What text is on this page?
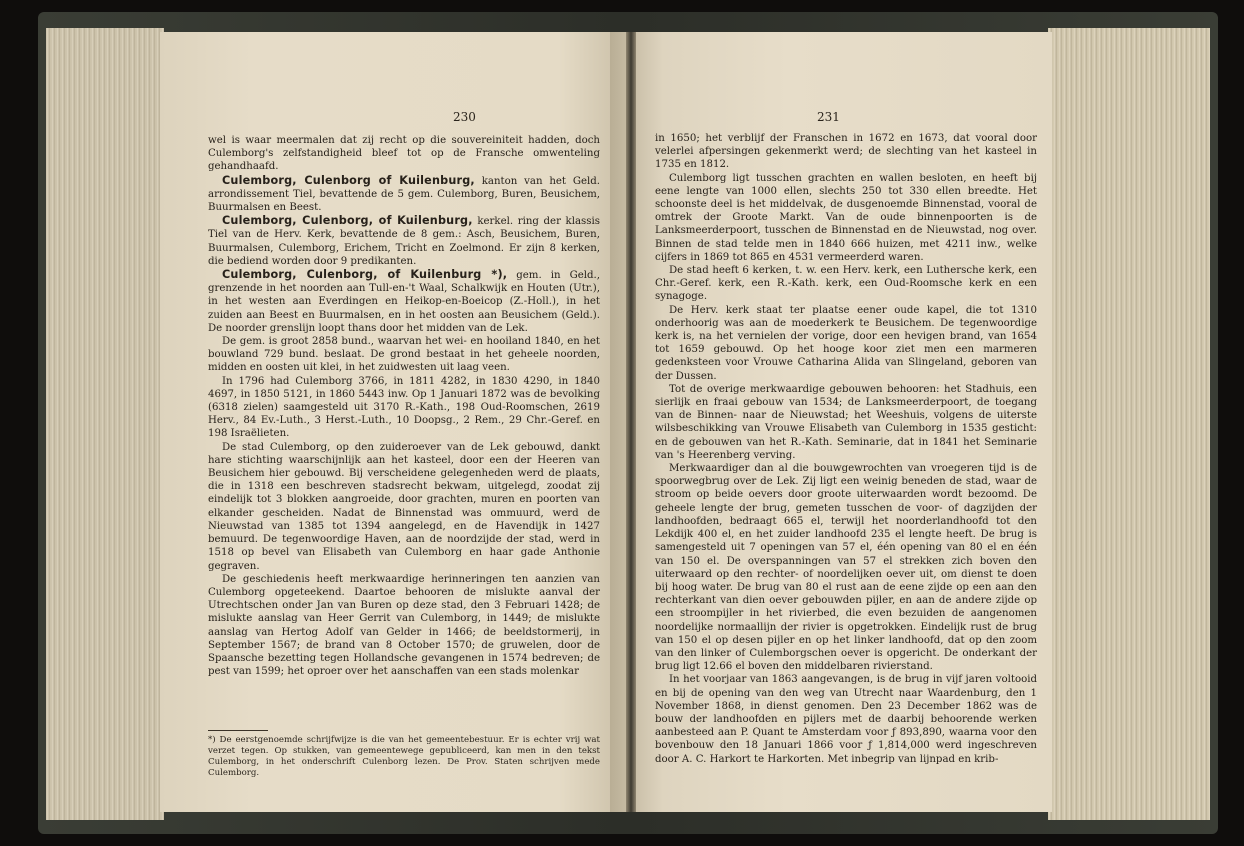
230

wel is waar meermalen dat zij recht op die souvereiniteit hadden, doch Culemborg's zelfstandigheid bleef tot op de Fransche omwenteling gehandhaafd.

Culemborg, Culenborg of Kuilenburg, kanton van het Geld. arrondissement Tiel, bevattende de 5 gem. Culemborg, Buren, Beusichem, Buurmalsen en Beest.

Culemborg, Culenborg, of Kuilenburg, kerkel. ring der klassis Tiel van de Herv. Kerk, bevattende de 8 gem.: Asch, Beusichem, Buren, Buurmalsen, Culemborg, Erichem, Tricht en Zoelmond. Er zijn 8 kerken, die bediend worden door 9 predikanten.

Culemborg, Culenborg, of Kuilenburg *), gem. in Geld., grenzende in het noorden aan Tull-en-'t Waal, Schalkwijk en Houten (Utr.), in het westen aan Everdingen en Heikop-en-Boeicop (Z.-Holl.), in het zuiden aan Beest en Buurmalsen, en in het oosten aan Beusichem (Geld.). De noorder grenslijn loopt thans door het midden van de Lek.

De gem. is groot 2858 bund., waarvan het wei- en hooiland 1840, en het bouwland 729 bund. beslaat. De grond bestaat in het geheele noorden, midden en oosten uit klei, in het zuidwesten uit laag veen.

In 1796 had Culemborg 3766, in 1811 4282, in 1830 4290, in 1840 4697, in 1850 5121, in 1860 5443 inw. Op 1 Januari 1872 was de bevolking (6318 zielen) saamgesteld uit 3170 R.-Kath., 198 Oud-Roomschen, 2619 Herv., 84 Ev.-Luth., 3 Herst.-Luth., 10 Doopsg., 2 Rem., 29 Chr.-Geref. en 198 Israëlieten.

De stad Culemborg, op den zuideroever van de Lek gebouwd, dankt hare stichting waarschijnlijk aan het kasteel, door een der Heeren van Beusichem hier gebouwd. Bij verscheidene gelegenheden werd de plaats, die in 1318 een beschreven stadsrecht bekwam, uitgelegd, zoodat zij eindelijk tot 3 blokken aangroeide, door grachten, muren en poorten van elkander gescheiden. Nadat de Binnenstad was ommuurd, werd de Nieuwstad van 1385 tot 1394 aangelegd, en de Havendijk in 1427 bemuurd. De tegenwoordige Haven, aan de noordzijde der stad, werd in 1518 op bevel van Elisabeth van Culemborg en haar gade Anthonie gegraven.

De geschiedenis heeft merkwaardige herinneringen ten aanzien van Culemborg opgeteekend. Daartoe behooren de mislukte aanval der Utrechtschen onder Jan van Buren op deze stad, den 3 Februari 1428; de mislukte aanslag van Heer Gerrit van Culemborg, in 1449; de mislukte aanslag van Hertog Adolf van Gelder in 1466; de beeldstormerij, in September 1567; de brand van 8 October 1570; de gruwelen, door de Spaansche bezetting tegen Hollandsche gevangenen in 1574 bedreven; de pest van 1599; het oproer over het aanschaffen van een stads molenkar

*) De eerstgenoemde schrijfwijze is die van het gemeentebestuur. Er is echter vrij wat verzet tegen. Op stukken, van gemeentewege gepubliceerd, kan men in den tekst Culemborg, in het onderschrift Culenborg lezen. De Prov. Staten schrijven mede Culemborg.
231

in 1650; het verblijf der Franschen in 1672 en 1673, dat vooral door velerlei afpersingen gekenmerkt werd; de slechting van het kasteel in 1735 en 1812.

Culemborg ligt tusschen grachten en wallen besloten, en heeft bij eene lengte van 1000 ellen, slechts 250 tot 330 ellen breedte. Het schoonste deel is het middelvak, de dusgenoemde Binnenstad, vooral de omtrek der Groote Markt. Van de oude binnenpoorten is de Lanksmeerderpoort, tusschen de Binnenstad en de Nieuwstad, nog over. Binnen de stad telde men in 1840 666 huizen, met 4211 inw., welke cijfers in 1869 tot 865 en 4531 vermeerderd waren.

De stad heeft 6 kerken, t. w. een Herv. kerk, een Luthersche kerk, een Chr.-Geref. kerk, een R.-Kath. kerk, een Oud-Roomsche kerk en een synagoge.

De Herv. kerk staat ter plaatse eener oude kapel, die tot 1310 onderhoorig was aan de moederkerk te Beusichem. De tegenwoordige kerk is, na het vernielen der vorige, door een hevigen brand, van 1654 tot 1659 gebouwd. Op het hooge koor ziet men een marmeren gedenksteen voor Vrouwe Catharina Alida van Slingeland, geboren van der Dussen.

Tot de overige merkwaardige gebouwen behooren: het Stadhuis, een sierlijk en fraai gebouw van 1534; de Lanksmeerderpoort, de toegang van de Binnen- naar de Nieuwstad; het Weeshuis, volgens de uiterste wilsbeschikking van Vrouwe Elisabeth van Culemborg in 1535 gesticht: en de gebouwen van het R.-Kath. Seminarie, dat in 1841 het Seminarie van 's Heerenberg verving.

Merkwaardiger dan al die bouwgewrochten van vroegeren tijd is de spoorwegbrug over de Lek. Zij ligt een weinig beneden de stad, waar de stroom op beide oevers door groote uiterwaarden wordt bezoomd. De geheele lengte der brug, gemeten tusschen de voor- of dagzijden der landhoofden, bedraagt 665 el, terwijl het noorderlandhoofd tot den Lekdijk 400 el, en het zuider landhoofd 235 el lengte heeft. De brug is samengesteld uit 7 openingen van 57 el, één opening van 80 el en één van 150 el. De overspanningen van 57 el strekken zich boven den uiterwaard op den rechter- of noordelijken oever uit, om dienst te doen bij hoog water. De brug van 80 el rust aan de eene zijde op een aan den rechterkant van dien oever gebouwden pijler, en aan de andere zijde op een stroompijler in het rivierbed, die even bezuiden de aangenomen noordelijke normaallijn der rivier is opgetrokken. Eindelijk rust de brug van 150 el op desen pijler en op het linker landhoofd, dat op den zoom van den linker of Culemborgschen oever is opgericht. De onderkant der brug ligt 12.66 el boven den middelbaren rivierstand.

In het voorjaar van 1863 aangevangen, is de brug in vijf jaren voltooid en bij de opening van den weg van Utrecht naar Waardenburg, den 1 November 1868, in dienst genomen. Den 23 December 1862 was de bouw der landhoofden en pijlers met de daarbij behoorende werken aanbesteed aan P. Quant te Amsterdam voor ƒ 893,890, waarna voor den bovenbouw den 18 Januari 1866 voor ƒ 1,814,000 werd ingeschreven door A. C. Harkort te Harkorten. Met inbegrip van lijnpad en krib-
